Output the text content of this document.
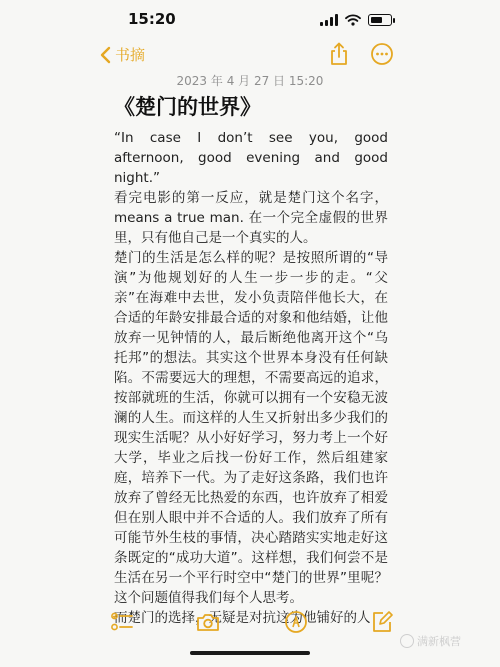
15:20
书摘
2023 年 4 月 27 日 15:20
《楚门的世界》

“In case I don’t see you, good afternoon, good evening and good night.”

看完电影的第一反应，就是楚门这个名字，means a true man. 在一个完全虚假的世界里，只有他自己是一个真实的人。

楚门的生活是怎么样的呢？是按照所谓的“导演”为他规划好的人生一步一步的走。“父亲”在海难中去世，发小负责陪伴他长大，在合适的年龄安排最合适的对象和他结婚，让他放弃一见钟情的人，最后断绝他离开这个“乌托邦”的想法。其实这个世界本身没有任何缺陷。不需要远大的理想，不需要高远的追求，按部就班的生活，你就可以拥有一个安稳无波澜的人生。而这样的人生又折射出多少我们的现实生活呢？从小好好学习，努力考上一个好大学，毕业之后找一份好工作，然后组建家庭，培养下一代。为了走好这条路，我们也许放弃了曾经无比热爱的东西，也许放弃了相爱但在别人眼中并不合适的人。我们放弃了所有可能节外生枝的事情，决心踏踏实实地走好这条既定的“成功大道”。这样想，我们何尝不是生活在另一个平行时空中“楚门的世界”里呢？这个问题值得我们每个人思考。

而楚门的选择，无疑是对抗这为他铺好的人

满新枫营
